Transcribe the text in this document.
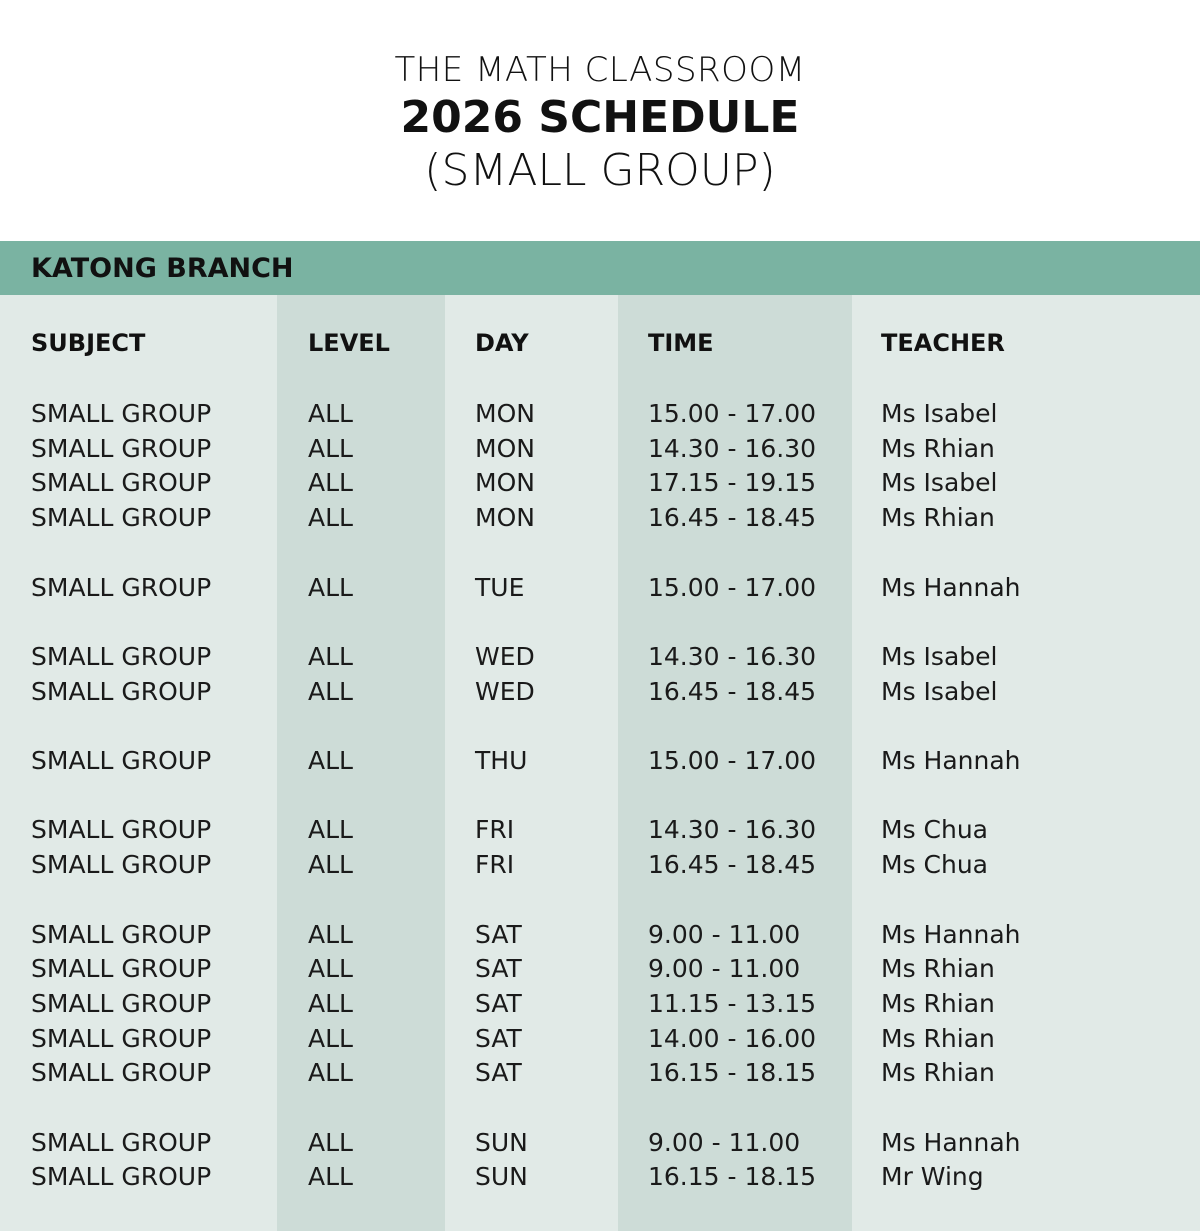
THE MATH CLASSROOM
2026 SCHEDULE
(SMALL GROUP)
KATONG BRANCH
SUBJECT	LEVEL	DAY	TIME	TEACHER
SMALL GROUP	ALL	MON	15.00 - 17.00	Ms Isabel
SMALL GROUP	ALL	MON	14.30 - 16.30	Ms Rhian
SMALL GROUP	ALL	MON	17.15 - 19.15	Ms Isabel
SMALL GROUP	ALL	MON	16.45 - 18.45	Ms Rhian
SMALL GROUP	ALL	TUE	15.00 - 17.00	Ms Hannah
SMALL GROUP	ALL	WED	14.30 - 16.30	Ms Isabel
SMALL GROUP	ALL	WED	16.45 - 18.45	Ms Isabel
SMALL GROUP	ALL	THU	15.00 - 17.00	Ms Hannah
SMALL GROUP	ALL	FRI	14.30 - 16.30	Ms Chua
SMALL GROUP	ALL	FRI	16.45 - 18.45	Ms Chua
SMALL GROUP	ALL	SAT	9.00 - 11.00	Ms Hannah
SMALL GROUP	ALL	SAT	9.00 - 11.00	Ms Rhian
SMALL GROUP	ALL	SAT	11.15 - 13.15	Ms Rhian
SMALL GROUP	ALL	SAT	14.00 - 16.00	Ms Rhian
SMALL GROUP	ALL	SAT	16.15 - 18.15	Ms Rhian
SMALL GROUP	ALL	SUN	9.00 - 11.00	Ms Hannah
SMALL GROUP	ALL	SUN	16.15 - 18.15	Mr Wing
